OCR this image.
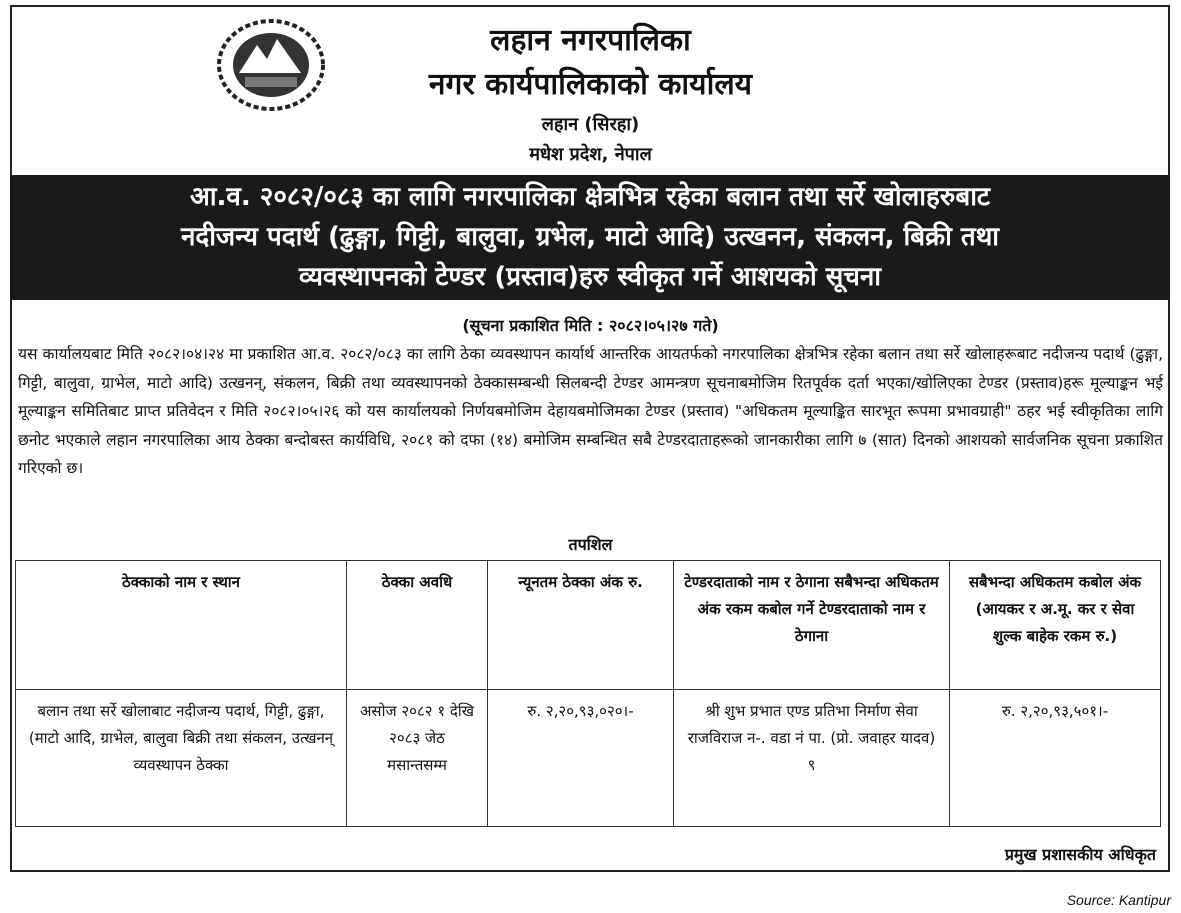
लहान नगरपालिका
नगर कार्यपालिकाको कार्यालय
लहान (सिरहा)
मधेश प्रदेश, नेपाल
आ.व. २०८२/०८३ का लागि नगरपालिका क्षेत्रभित्र रहेका बलान तथा सर्रे खोलाहरुबाट
नदीजन्य पदार्थ (ढुङ्गा, गिट्टी, बालुवा, ग्रभेल, माटो आदि) उत्खनन, संकलन, बिक्री तथा
व्यवस्थापनको टेण्डर (प्रस्ताव)हरु स्वीकृत गर्ने आशयको सूचना
(सूचना प्रकाशित मिति : २०८२।०५।२७ गते)
यस कार्यालयबाट मिति २०८२।०४।२४ मा प्रकाशित आ.व. २०८२/०८३ का लागि ठेका व्यवस्थापन कार्यार्थ आन्तरिक आयतर्फको नगरपालिका क्षेत्रभित्र रहेका बलान तथा सर्रे खोलाहरूबाट नदीजन्य पदार्थ (ढुङ्गा, गिट्टी, बालुवा, ग्राभेल, माटो आदि) उत्खनन्, संकलन, बिक्री तथा व्यवस्थापनको ठेक्कासम्बन्धी सिलबन्दी टेण्डर आमन्त्रण सूचनाबमोजिम रितपूर्वक दर्ता भएका/खोलिएका टेण्डर (प्रस्ताव)हरू मूल्याङ्कन भई मूल्याङ्कन समितिबाट प्राप्त प्रतिवेदन र मिति २०८२।०५।२६ को यस कार्यालयको निर्णयबमोजिम देहायबमोजिमका टेण्डर (प्रस्ताव) "अधिकतम मूल्याङ्कित सारभूत रूपमा प्रभावग्राही" ठहर भई स्वीकृतिका लागि छनोट भएकाले लहान नगरपालिका आय ठेक्का बन्दोबस्त कार्यविधि, २०८१ को दफा (१४) बमोजिम सम्बन्धित सबै टेण्डरदाताहरूको जानकारीका लागि ७ (सात) दिनको आशयको सार्वजनिक सूचना प्रकाशित गरिएको छ।
तपशिल
ठेक्काको नाम र स्थान	ठेक्का अवधि	न्यूनतम ठेक्का अंक रु.	टेण्डरदाताको नाम र ठेगाना सबैभन्दा अधिकतम अंक रकम कबोल गर्ने टेण्डरदाताको नाम र ठेगाना	सबैभन्दा अधिकतम कबोल अंक (आयकर र अ.मू. कर र सेवा शुल्क बाहेक रकम रु.)
बलान तथा सर्रे खोलाबाट नदीजन्य पदार्थ, गिट्टी, ढुङ्गा, (माटो आदि, ग्राभेल, बालुवा बिक्री तथा संकलन, उत्खनन् व्यवस्थापन ठेक्का	असोज २०८२ १ देखि २०८३ जेठ मसान्तसम्म	रु. २,२०,९३,०२०।-	श्री शुभ प्रभात एण्ड प्रतिभा निर्माण सेवा राजविराज न-. वडा नं पा. (प्रो. जवाहर यादव) ९	रु. २,२०,९३,५०१।-
प्रमुख प्रशासकीय अधिकृत
Source: Kantipur
